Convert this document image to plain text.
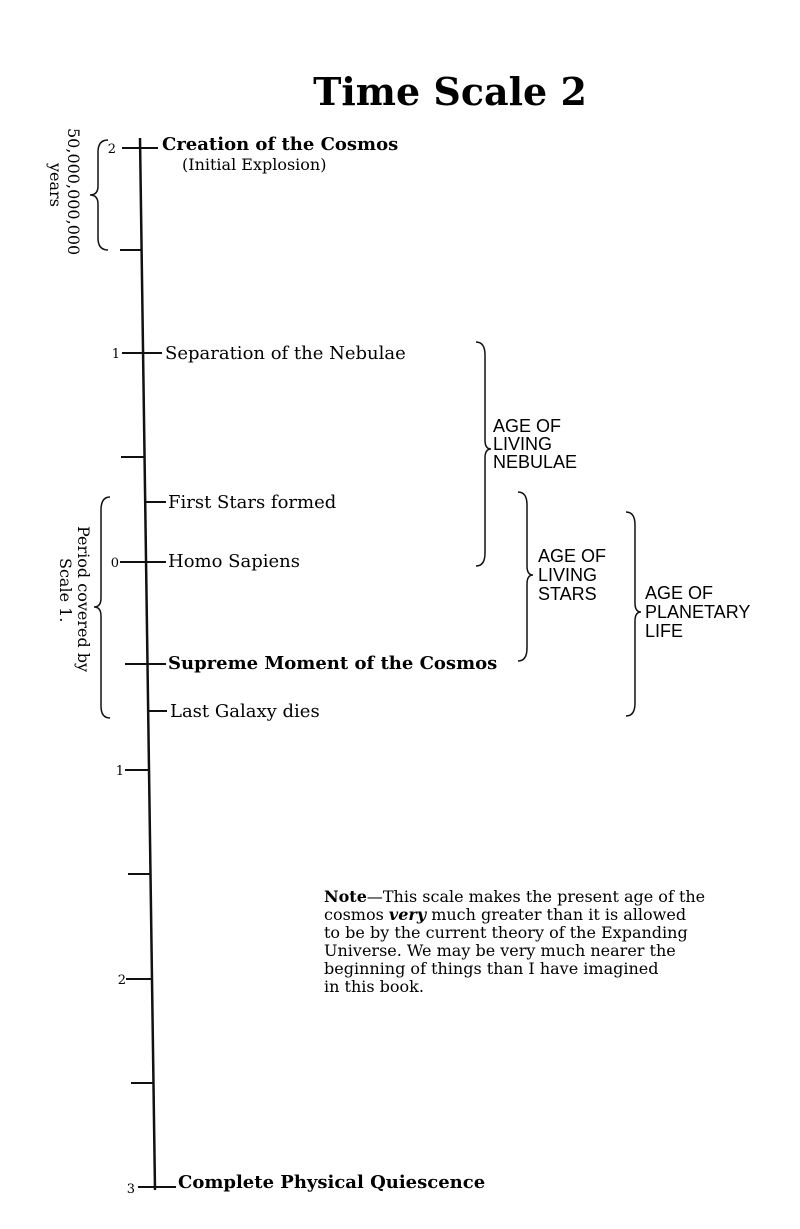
Time Scale 2
2
1
0
1
2
3
Creation of the Cosmos
(Initial Explosion)
Separation of the Nebulae
First Stars formed
Homo Sapiens
Supreme Moment of the Cosmos
Last Galaxy dies
Complete Physical Quiescence
50,000,000,000
years
Period covered by
Scale 1.
AGE OF
LIVING
NEBULAE
AGE OF
LIVING
STARS	AGE OF
PLANETARY
LIFE
Note—This scale makes the present age of the
cosmos very much greater than it is allowed
to be by the current theory of the Expanding
Universe. We may be very much nearer the
beginning of things than I have imagined
in this book.
